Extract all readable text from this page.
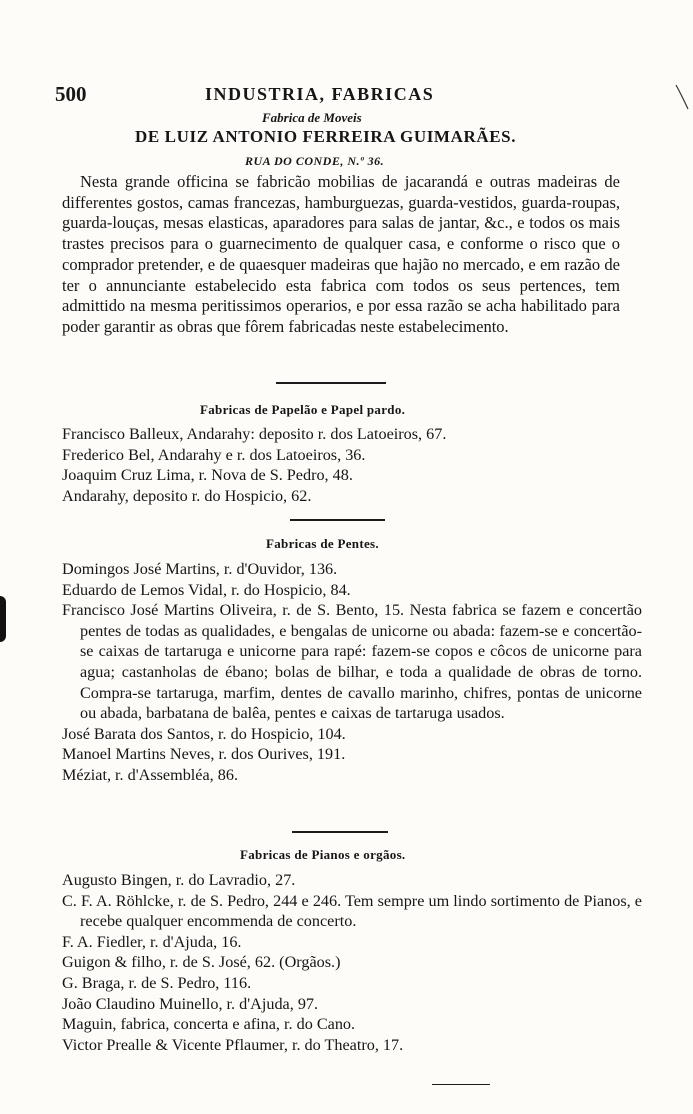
500	INDUSTRIA, FABRICAS
Fabrica de Moveis
DE LUIZ ANTONIO FERREIRA GUIMARÃES.
RUA DO CONDE, N.º 36.
Nesta grande officina se fabricão mobilias de jacarandá e outras madeiras de differentes gostos, camas francezas, hamburguezas, guarda-vestidos, guarda-roupas, guarda-louças, mesas elasticas, aparadores para salas de jantar, &c., e todos os mais trastes precisos para o guarnecimento de qualquer casa, e conforme o risco que o comprador pretender, e de quaesquer madeiras que hajão no mercado, e em razão de ter o annunciante estabelecido esta fabrica com todos os seus pertences, tem admittido na mesma peritissimos operarios, e por essa razão se acha habilitado para poder garantir as obras que fôrem fabricadas neste estabelecimento.
Fabricas de Papelão e Papel pardo.
Francisco Balleux, Andarahy: deposito r. dos Latoeiros, 67.
Frederico Bel, Andarahy e r. dos Latoeiros, 36.
Joaquim Cruz Lima, r. Nova de S. Pedro, 48.
Andarahy, deposito r. do Hospicio, 62.
Fabricas de Pentes.
Domingos José Martins, r. d'Ouvidor, 136.
Eduardo de Lemos Vidal, r. do Hospicio, 84.
Francisco José Martins Oliveira, r. de S. Bento, 15. Nesta fabrica se fazem e concertão pentes de todas as qualidades, e bengalas de unicorne ou abada: fazem-se e concertão-se caixas de tartaruga e unicorne para rapé: fazem-se copos e côcos de unicorne para agua; castanholas de ébano; bolas de bilhar, e toda a qualidade de obras de torno. Compra-se tartaruga, marfim, dentes de cavallo marinho, chifres, pontas de unicorne ou abada, barbatana de balêa, pentes e caixas de tartaruga usados.
José Barata dos Santos, r. do Hospicio, 104.
Manoel Martins Neves, r. dos Ourives, 191.
Méziat, r. d'Assembléa, 86.
Fabricas de Pianos e orgãos.
Augusto Bingen, r. do Lavradio, 27.
C. F. A. Röhlcke, r. de S. Pedro, 244 e 246. Tem sempre um lindo sortimento de Pianos, e recebe qualquer encommenda de concerto.
F. A. Fiedler, r. d'Ajuda, 16.
Guigon & filho, r. de S. José, 62. (Orgãos.)
G. Braga, r. de S. Pedro, 116.
João Claudino Muinello, r. d'Ajuda, 97.
Maguin, fabrica, concerta e afina, r. do Cano.
Victor Prealle & Vicente Pflaumer, r. do Theatro, 17.
